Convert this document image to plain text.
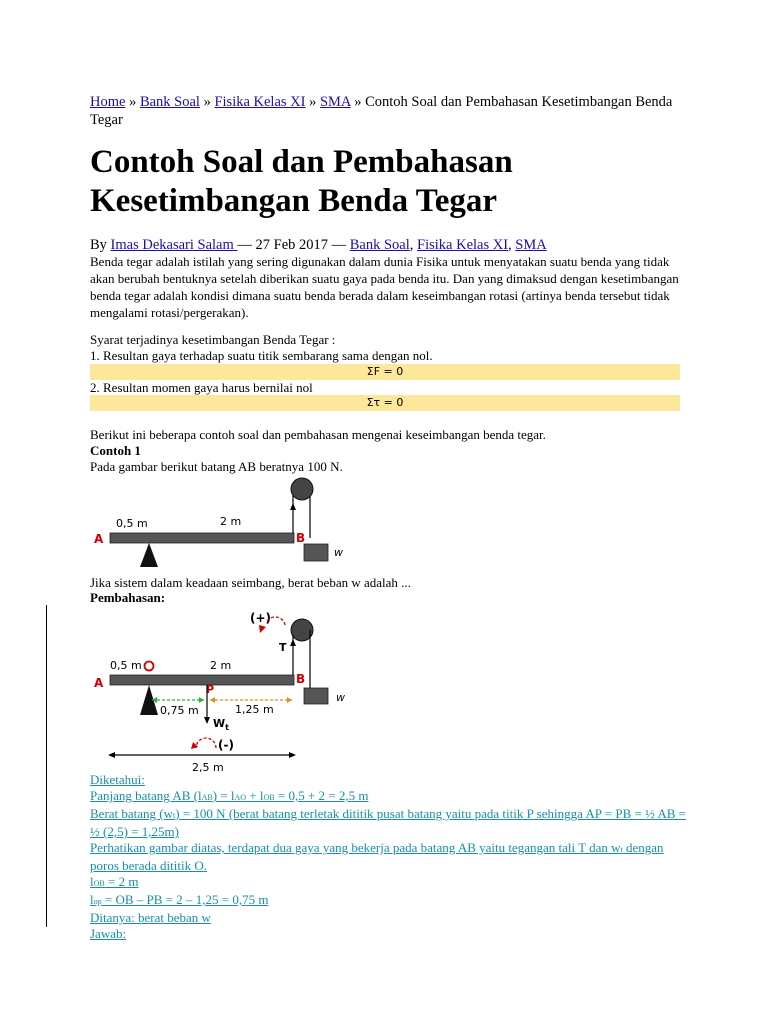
Home » Bank Soal » Fisika Kelas XI » SMA » Contoh Soal dan Pembahasan Kesetimbangan Benda Tegar
Contoh Soal dan Pembahasan Kesetimbangan Benda Tegar
By Imas Dekasari Salam — 27 Feb 2017 — Bank Soal, Fisika Kelas XI, SMA
Benda tegar adalah istilah yang sering digunakan dalam dunia Fisika untuk menyatakan suatu benda yang tidak akan berubah bentuknya setelah diberikan suatu gaya pada benda itu. Dan yang dimaksud dengan kesetimbangan benda tegar adalah kondisi dimana suatu benda berada dalam keseimbangan rotasi (artinya benda tersebut tidak mengalami rotasi/pergerakan).
Syarat terjadinya kesetimbangan Benda Tegar :
1. Resultan gaya terhadap suatu titik sembarang sama dengan nol.
ΣF = 0
2. Resultan momen gaya harus bernilai nol
Στ = 0
Berikut ini beberapa contoh soal dan pembahasan mengenai keseimbangan benda tegar.
Contoh 1
Pada gambar berikut batang AB beratnya 100 N.
A	B
0,5 m	2 m
w
Jika sistem dalam keadaan seimbang, berat beban w adalah ...
Pembahasan:
(+)
T
A	B
P
0,5 m	2 m
w
0,75 m	1,25 m
$W_t$
(-)
2,5 m
Diketahui:
Panjang batang AB (lAB) = lAO + lOB = 0,5 + 2 = 2,5 m
Berat batang (wt) = 100 N (berat batang terletak dititik pusat batang yaitu pada titik P sehingga AP = PB = ½ AB = ½ (2,5) = 1,25m)
Perhatikan gambar diatas, terdapat dua gaya yang bekerja pada batang AB yaitu tegangan tali T dan wt dengan poros berada dititik O.
lOB = 2 m
lop = OB – PB = 2 – 1,25 = 0,75 m
Ditanya: berat beban w
Jawab:
